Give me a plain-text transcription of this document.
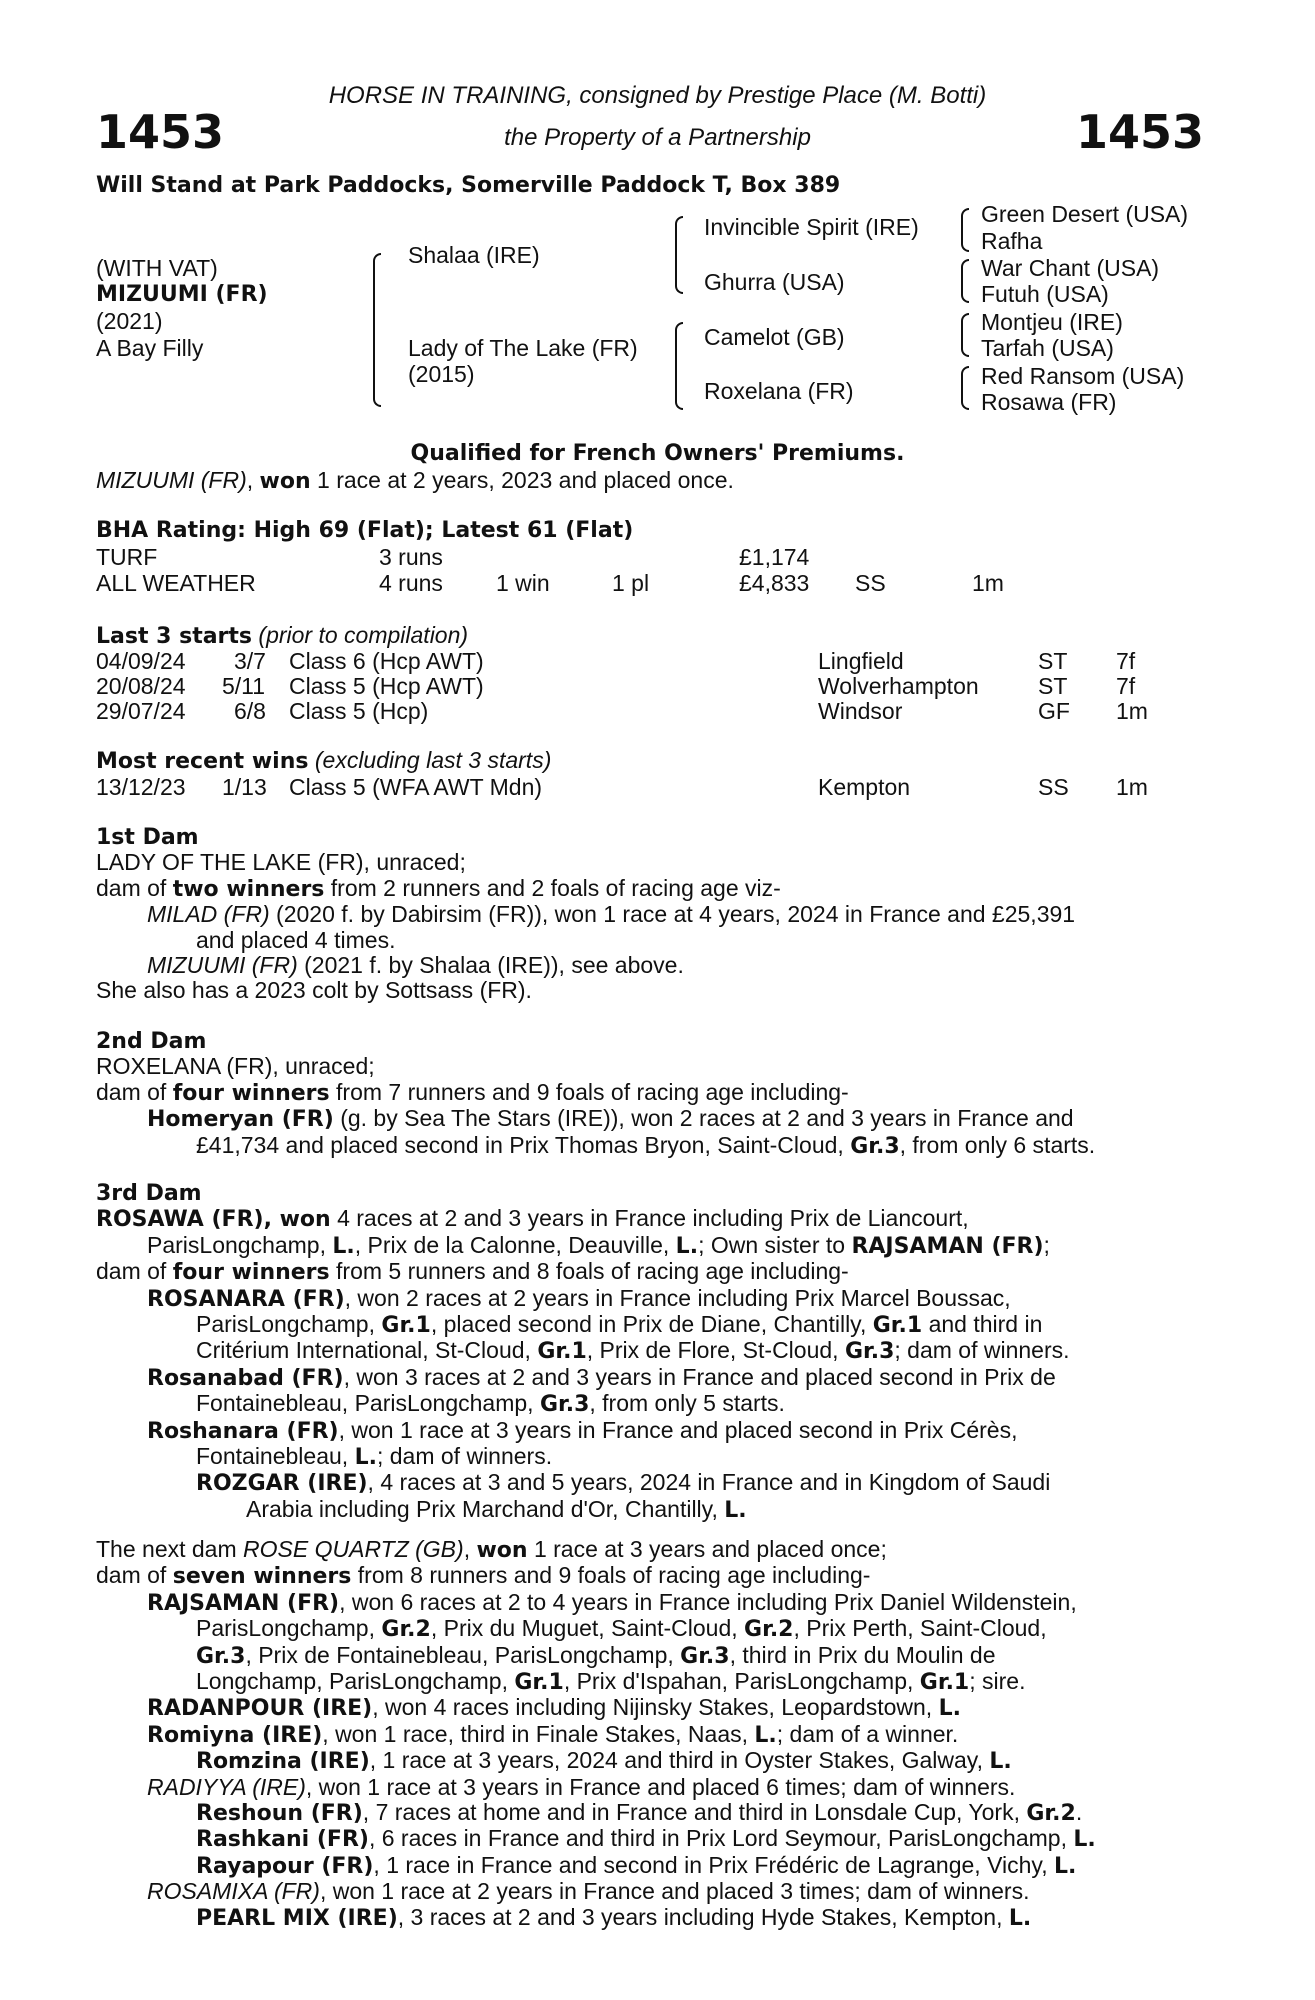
1453	1453
HORSE IN TRAINING, consigned by Prestige Place (M. Botti)
the Property of a Partnership
Will Stand at Park Paddocks, Somerville Paddock T, Box 389
(WITH VAT)
MIZUUMI (FR)
(2021)
A Bay Filly
Shalaa (IRE)
Lady of The Lake (FR)
(2015)
Invincible Spirit (IRE)
Ghurra (USA)
Camelot (GB)
Roxelana (FR)
Green Desert (USA)
Rafha
War Chant (USA)
Futuh (USA)
Montjeu (IRE)
Tarfah (USA)
Red Ransom (USA)
Rosawa (FR)
Qualified for French Owners' Premiums.
MIZUUMI (FR), won 1 race at 2 years, 2023 and placed once.
BHA Rating: High 69 (Flat); Latest 61 (Flat)
TURF	3 runs	£1,174
ALL WEATHER	4 runs 1 win	1 pl	£4,833 SS	1m
Last 3 starts (prior to compilation)
04/09/24 3/7 Class 6 (Hcp AWT)	Lingfield	ST 7f
20/08/24 5/11 Class 5 (Hcp AWT)	Wolverhampton	ST 7f
29/07/24 6/8 Class 5 (Hcp)	Windsor	GF 1m
Most recent wins (excluding last 3 starts)
13/12/23 1/13 Class 5 (WFA AWT Mdn)	Kempton	SS 1m

1st Dam

LADY OF THE LAKE (FR), unraced;

dam of two winners from 2 runners and 2 foals of racing age viz-

MILAD (FR) (2020 f. by Dabirsim (FR)), won 1 race at 4 years, 2024 in France and £25,391

and placed 4 times.

MIZUUMI (FR) (2021 f. by Shalaa (IRE)), see above.

She also has a 2023 colt by Sottsass (FR).

2nd Dam

ROXELANA (FR), unraced;

dam of four winners from 7 runners and 9 foals of racing age including-

Homeryan (FR) (g. by Sea The Stars (IRE)), won 2 races at 2 and 3 years in France and

£41,734 and placed second in Prix Thomas Bryon, Saint-Cloud, Gr.3, from only 6 starts.

3rd Dam

ROSAWA (FR), won 4 races at 2 and 3 years in France including Prix de Liancourt,

ParisLongchamp, L., Prix de la Calonne, Deauville, L.; Own sister to RAJSAMAN (FR);

dam of four winners from 5 runners and 8 foals of racing age including-

ROSANARA (FR), won 2 races at 2 years in France including Prix Marcel Boussac,

ParisLongchamp, Gr.1, placed second in Prix de Diane, Chantilly, Gr.1 and third in

Critérium International, St-Cloud, Gr.1, Prix de Flore, St-Cloud, Gr.3; dam of winners.

Rosanabad (FR), won 3 races at 2 and 3 years in France and placed second in Prix de

Fontainebleau, ParisLongchamp, Gr.3, from only 5 starts.

Roshanara (FR), won 1 race at 3 years in France and placed second in Prix Cérès,

Fontainebleau, L.; dam of winners.

ROZGAR (IRE), 4 races at 3 and 5 years, 2024 in France and in Kingdom of Saudi

Arabia including Prix Marchand d'Or, Chantilly, L.

The next dam ROSE QUARTZ (GB), won 1 race at 3 years and placed once;

dam of seven winners from 8 runners and 9 foals of racing age including-

RAJSAMAN (FR), won 6 races at 2 to 4 years in France including Prix Daniel Wildenstein,

ParisLongchamp, Gr.2, Prix du Muguet, Saint-Cloud, Gr.2, Prix Perth, Saint-Cloud,

Gr.3, Prix de Fontainebleau, ParisLongchamp, Gr.3, third in Prix du Moulin de

Longchamp, ParisLongchamp, Gr.1, Prix d'Ispahan, ParisLongchamp, Gr.1; sire.

RADANPOUR (IRE), won 4 races including Nijinsky Stakes, Leopardstown, L.

Romiyna (IRE), won 1 race, third in Finale Stakes, Naas, L.; dam of a winner.

Romzina (IRE), 1 race at 3 years, 2024 and third in Oyster Stakes, Galway, L.

RADIYYA (IRE), won 1 race at 3 years in France and placed 6 times; dam of winners.

Reshoun (FR), 7 races at home and in France and third in Lonsdale Cup, York, Gr.2.

Rashkani (FR), 6 races in France and third in Prix Lord Seymour, ParisLongchamp, L.

Rayapour (FR), 1 race in France and second in Prix Frédéric de Lagrange, Vichy, L.

ROSAMIXA (FR), won 1 race at 2 years in France and placed 3 times; dam of winners.

PEARL MIX (IRE), 3 races at 2 and 3 years including Hyde Stakes, Kempton, L.
